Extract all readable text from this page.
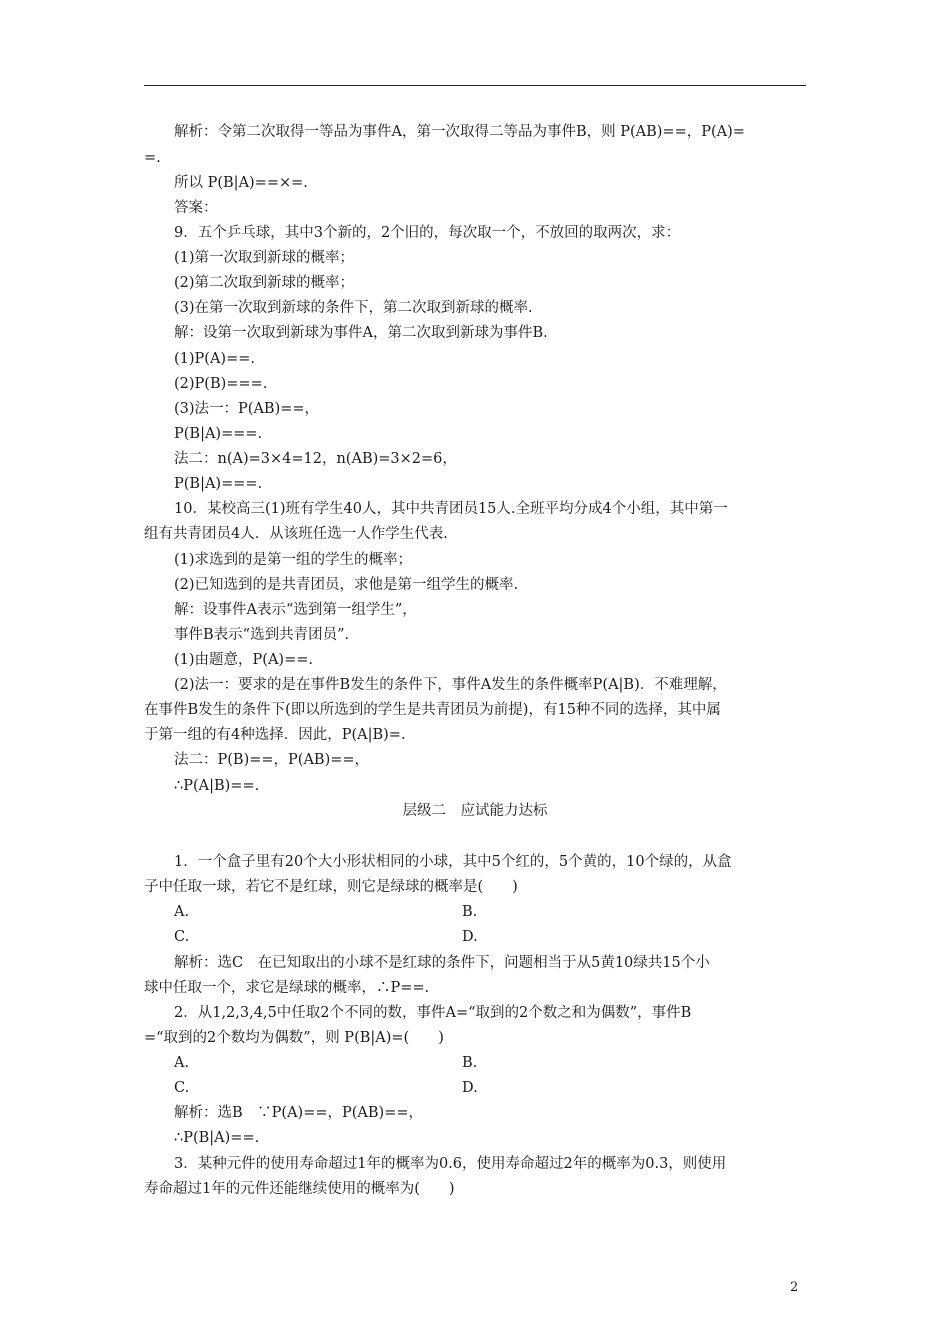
解析：令第二次取得一等品为事件A，第一次取得二等品为事件B，则 P(AB)==，P(A)=
=.
所以 P(B|A)==×=.
答案：
9．五个乒乓球，其中3个新的，2个旧的，每次取一个，不放回的取两次，求：
(1)第一次取到新球的概率；
(2)第二次取到新球的概率；
(3)在第一次取到新球的条件下，第二次取到新球的概率.
解：设第一次取到新球为事件A，第二次取到新球为事件B.
(1)P(A)==.
(2)P(B)===.
(3)法一：P(AB)==，
P(B|A)===.
法二：n(A)=3×4=12，n(AB)=3×2=6，
P(B|A)===.
10．某校高三(1)班有学生40人，其中共青团员15人.全班平均分成4个小组，其中第一
组有共青团员4人．从该班任选一人作学生代表.
(1)求选到的是第一组的学生的概率；
(2)已知选到的是共青团员，求他是第一组学生的概率.
解：设事件A表示“选到第一组学生”，
事件B表示“选到共青团员”.
(1)由题意，P(A)==.
(2)法一：要求的是在事件B发生的条件下，事件A发生的条件概率P(A|B)．不难理解，
在事件B发生的条件下(即以所选到的学生是共青团员为前提)，有15种不同的选择，其中属
于第一组的有4种选择．因此，P(A|B)=.
法二：P(B)==，P(AB)==，
∴P(A|B)==.
层级二　应试能力达标
1．一个盒子里有20个大小形状相同的小球，其中5个红的，5个黄的，10个绿的，从盒
子中任取一球，若它不是红球，则它是绿球的概率是(　　)
A.	B.
C.	D.
解析：选C　在已知取出的小球不是红球的条件下，问题相当于从5黄10绿共15个小
球中任取一个，求它是绿球的概率，∴P==.
2．从1,2,3,4,5中任取2个不同的数，事件A=“取到的2个数之和为偶数”，事件B
=“取到的2个数均为偶数”，则 P(B|A)=(　　)
A.	B.
C.	D.
解析：选B　∵P(A)==，P(AB)==，
∴P(B|A)==.
3．某种元件的使用寿命超过1年的概率为0.6，使用寿命超过2年的概率为0.3，则使用
寿命超过1年的元件还能继续使用的概率为(　　)
2
